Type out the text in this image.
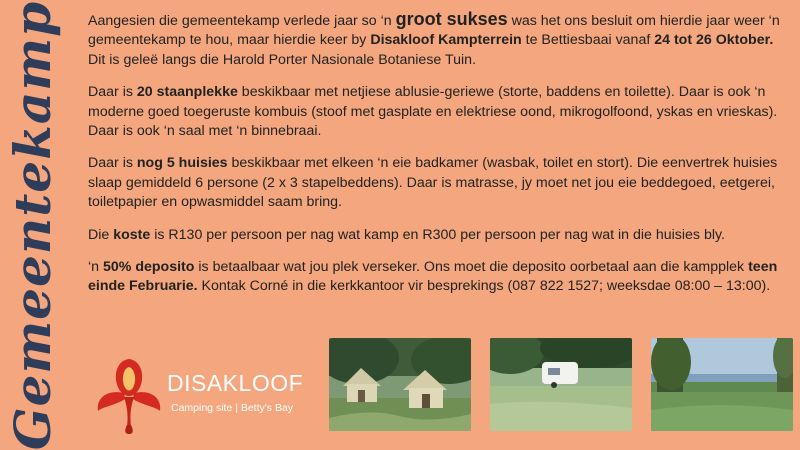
Gemeentekamp Aangesien die gemeentekamp verlede jaar so ‘n groot sukses was het ons besluit om hierdie jaar weer ‘n gemeentekamp te hou, maar hierdie keer by Disakloof Kampterrein te Bettiesbaai vanaf 24 tot 26 Oktober. Dit is geleë langs die Harold Porter Nasionale Botaniese Tuin.

Daar is 20 staanplekke beskikbaar met netjiese ablusie-geriewe (storte, baddens en toilette). Daar is ook ‘n moderne goed toegeruste kombuis (stoof met gasplate en elektriese oond, mikrogolfoond, yskas en vrieskas). Daar is ook ‘n saal met ‘n binnebraai.

Daar is nog 5 huisies beskikbaar met elkeen ‘n eie badkamer (wasbak, toilet en stort). Die eenvertrek huisies slaap gemiddeld 6 persone (2 x 3 stapelbeddens). Daar is matrasse, jy moet net jou eie beddegoed, eetgerei, toiletpapier en opwasmiddel saam bring.

Die koste is R130 per persoon per nag wat kamp en R300 per persoon per nag wat in die huisies bly.

‘n 50% deposito is betaalbaar wat jou plek verseker. Ons moet die deposito oorbetaal aan die kampplek teen einde Februarie. Kontak Corné in die kerkkantoor vir besprekings (087 822 1527; weeksdae 08:00 – 13:00).

DISAKLOOF
Camping site | Betty's Bay
